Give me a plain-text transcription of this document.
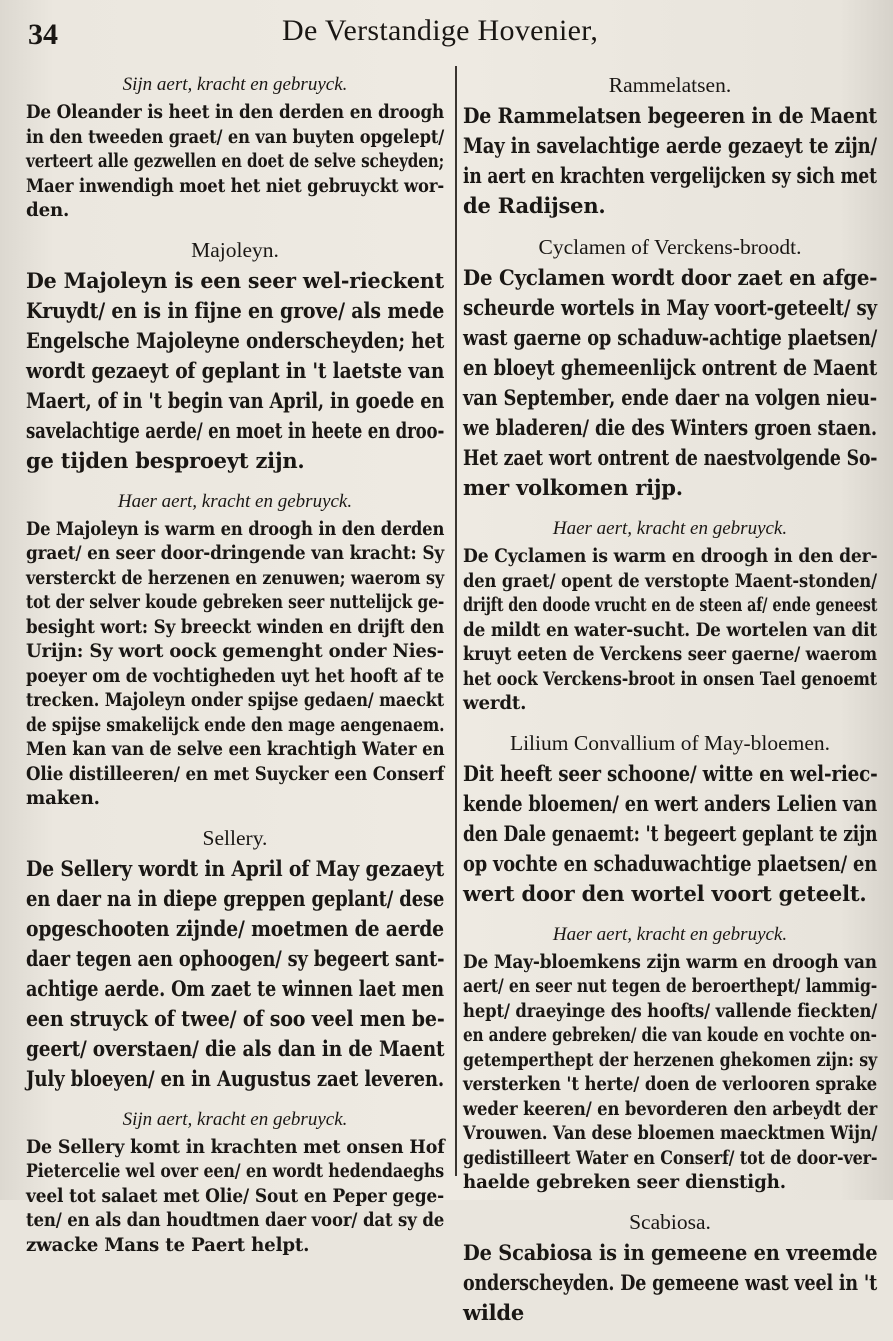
34	De Verstandige Hovenier,
Sijn aert, kracht en gebruyck.
De Oleander is heet in den derden en droogh
in den tweeden graet/ en van buyten opgelept/
verteert alle gezwellen en doet de selve scheyden;
Maer inwendigh moet het niet gebruyckt wor-
den.
Majoleyn.
De Majoleyn is een seer wel-rieckent
Kruydt/ en is in fijne en grove/ als mede
Engelsche Majoleyne onderscheyden; het
wordt gezaeyt of geplant in 't laetste van
Maert, of in 't begin van April, in goede en
savelachtige aerde/ en moet in heete en droo-
ge tijden besproeyt zijn.
Haer aert, kracht en gebruyck.
De Majoleyn is warm en droogh in den derden
graet/ en seer door-dringende van kracht: Sy
versterckt de herzenen en zenuwen; waerom sy
tot der selver koude gebreken seer nuttelijck ge-
besight wort: Sy breeckt winden en drijft den
Urijn: Sy wort oock gemenght onder Nies-
poeyer om de vochtigheden uyt het hooft af te
trecken. Majoleyn onder spijse gedaen/ maeckt
de spijse smakelijck ende den mage aengenaem.
Men kan van de selve een krachtigh Water en
Olie distilleeren/ en met Suycker een Conserf
maken.
Sellery.
De Sellery wordt in April of May gezaeyt
en daer na in diepe greppen geplant/ dese
opgeschooten zijnde/ moetmen de aerde
daer tegen aen ophoogen/ sy begeert sant-
achtige aerde. Om zaet te winnen laet men
een struyck of twee/ of soo veel men be-
geert/ overstaen/ die als dan in de Maent
July bloeyen/ en in Augustus zaet leveren.
Sijn aert, kracht en gebruyck.
De Sellery komt in krachten met onsen Hof
Pietercelie wel over een/ en wordt hedendaeghs
veel tot salaet met Olie/ Sout en Peper gege-
ten/ en als dan houdtmen daer voor/ dat sy de
zwacke Mans te Paert helpt.
Rammelatsen.
De Rammelatsen begeeren in de Maent
May in savelachtige aerde gezaeyt te zijn/
in aert en krachten vergelijcken sy sich met
de Radijsen.
Cyclamen of Verckens-broodt.
De Cyclamen wordt door zaet en afge-
scheurde wortels in May voort-geteelt/ sy
wast gaerne op schaduw-achtige plaetsen/
en bloeyt ghemeenlijck ontrent de Maent
van September, ende daer na volgen nieu-
we bladeren/ die des Winters groen staen.
Het zaet wort ontrent de naestvolgende So-
mer volkomen rijp.
Haer aert, kracht en gebruyck.
De Cyclamen is warm en droogh in den der-
den graet/ opent de verstopte Maent-stonden/
drijft den doode vrucht en de steen af/ ende geneest
de mildt en water-sucht. De wortelen van dit
kruyt eeten de Verckens seer gaerne/ waerom
het oock Verckens-broot in onsen Tael genoemt
werdt.
Lilium Convallium of May-bloemen.
Dit heeft seer schoone/ witte en wel-riec-
kende bloemen/ en wert anders Lelien van
den Dale genaemt: 't begeert geplant te zijn
op vochte en schaduwachtige plaetsen/ en
wert door den wortel voort geteelt.
Haer aert, kracht en gebruyck.
De May-bloemkens zijn warm en droogh van
aert/ en seer nut tegen de beroerthept/ lammig-
hept/ draeyinge des hoofts/ vallende fieckten/
en andere gebreken/ die van koude en vochte on-
getemperthept der herzenen ghekomen zijn: sy
versterken 't herte/ doen de verlooren sprake
weder keeren/ en bevorderen den arbeydt der
Vrouwen. Van dese bloemen maecktmen Wijn/
gedistilleert Water en Conserf/ tot de door-ver-
haelde gebreken seer dienstigh.
Scabiosa.
De Scabiosa is in gemeene en vreemde
onderscheyden. De gemeene wast veel in 't
wilde
